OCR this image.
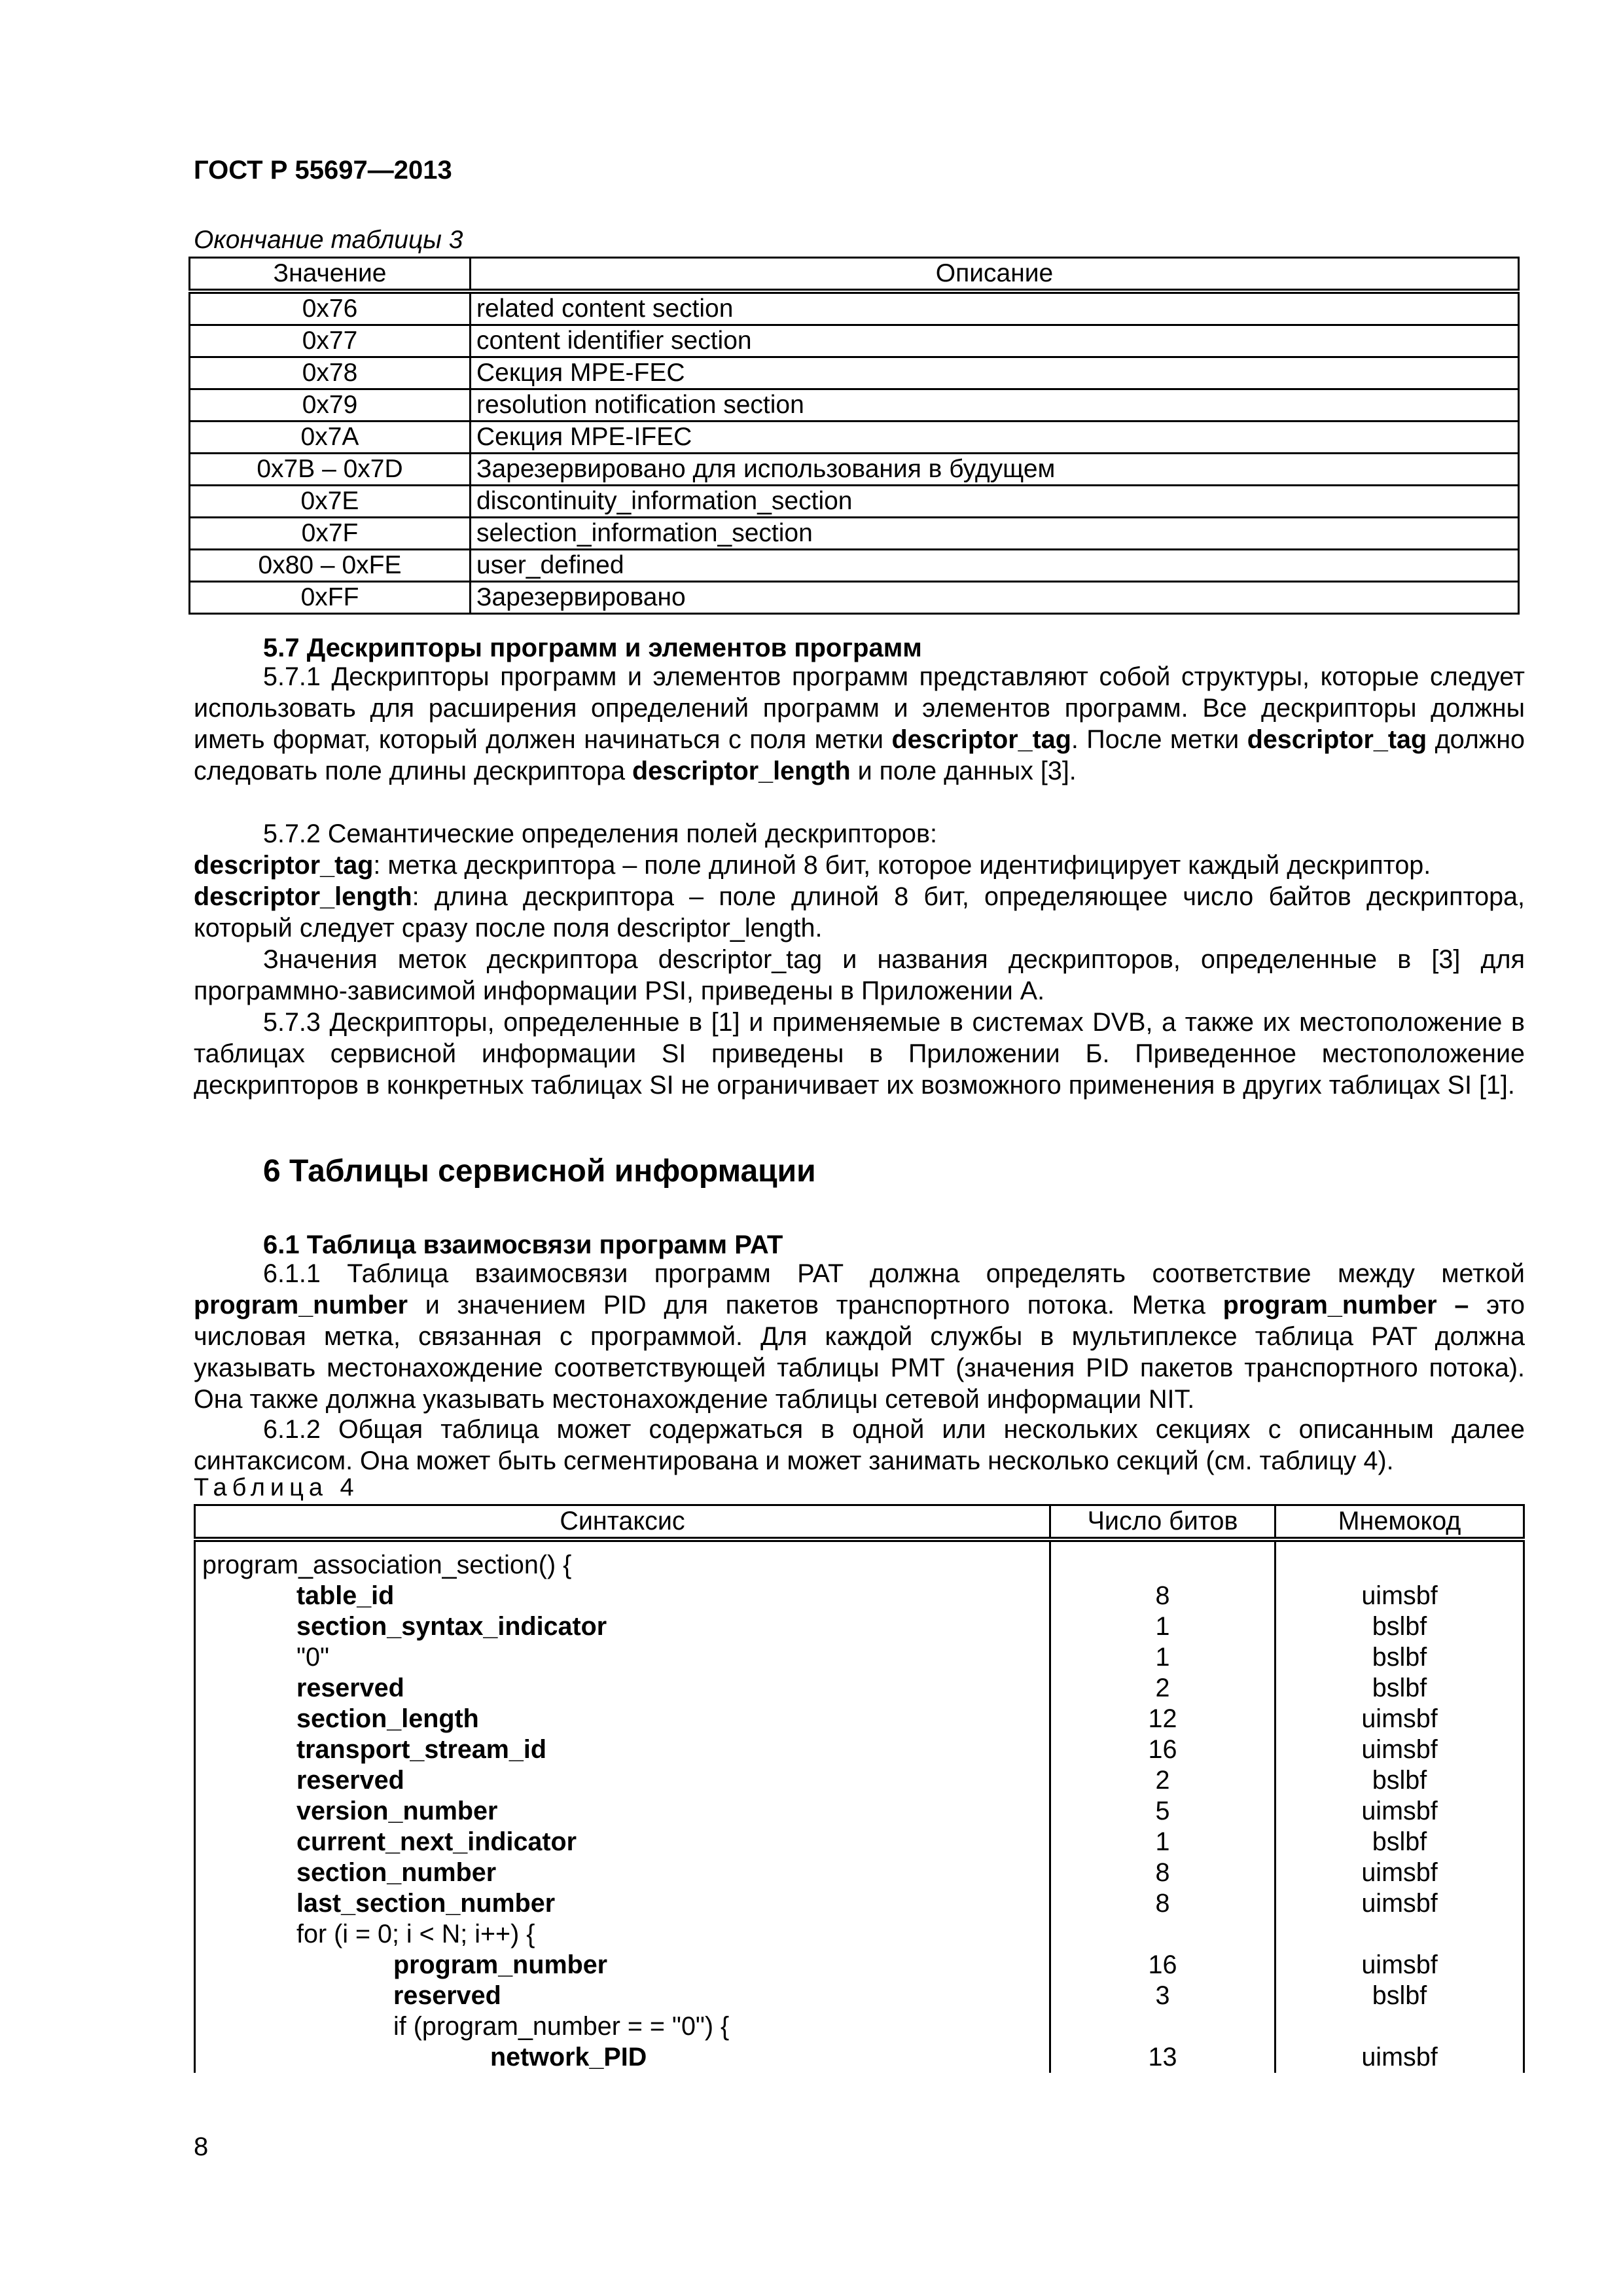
ГОСТ Р 55697—2013
Окончание таблицы 3
Значение	Описание
0x76	related content section
0x77	content identifier section
0x78	Секция MPE-FEC
0x79	resolution notification section
0x7A	Секция MPE-IFEC
0x7B – 0x7D	Зарезервировано для использования в будущем
0x7E	discontinuity_information_section
0x7F	selection_information_section
0x80 – 0xFE	user_defined
0xFF	Зарезервировано
5.7 Дескрипторы программ и элементов программ
5.7.1 Дескрипторы программ и элементов программ представляют собой структуры, которые следует использовать для расширения определений программ и элементов программ. Все дескрипторы должны иметь формат, который должен начинаться с поля метки descriptor_tag. После метки descriptor_tag должно следовать поле длины дескриптора descriptor_length и поле данных [3].
5.7.2 Семантические определения полей дескрипторов:
descriptor_tag: метка дескриптора – поле длиной 8 бит, которое идентифицирует каждый дескриптор.
descriptor_length: длина дескриптора – поле длиной 8 бит, определяющее число байтов дескриптора, который следует сразу после поля descriptor_length.
Значения меток дескриптора descriptor_tag и названия дескрипторов, определенные в [3] для программно-зависимой информации PSI, приведены в Приложении А.
5.7.3 Дескрипторы, определенные в [1] и применяемые в системах DVB, а также их местоположение в таблицах сервисной информации SI приведены в Приложении Б. Приведенное местоположение дескрипторов в конкретных таблицах SI не ограничивает их возможного применения в других таблицах SI [1].
6 Таблицы сервисной информации
6.1 Таблица взаимосвязи программ PAT
6.1.1 Таблица взаимосвязи программ PAT должна определять соответствие между меткой program_number и значением PID для пакетов транспортного потока. Метка program_number – это числовая метка, связанная с программой. Для каждой службы в мультиплексе таблица PAT должна указывать местонахождение соответствующей таблицы PMT (значения PID пакетов транспортного потока). Она также должна указывать местонахождение таблицы сетевой информации NIT.
6.1.2 Общая таблица может содержаться в одной или нескольких секциях с описанным далее синтаксисом. Она может быть сегментирована и может занимать несколько секций (см. таблицу 4).
Таблица 4
Синтаксис	Число битов	Мнемокод
program_association_section() {		
table_id	8	uimsbf
section_syntax_indicator	1	bslbf
"0"	1	bslbf
reserved	2	bslbf
section_length	12	uimsbf
transport_stream_id	16	uimsbf
reserved	2	bslbf
version_number	5	uimsbf
current_next_indicator	1	bslbf
section_number	8	uimsbf
last_section_number	8	uimsbf
for (i = 0; i < N; i++) {		
program_number	16	uimsbf
reserved	3	bslbf
if (program_number = = "0") {		
network_PID	13	uimsbf
8
